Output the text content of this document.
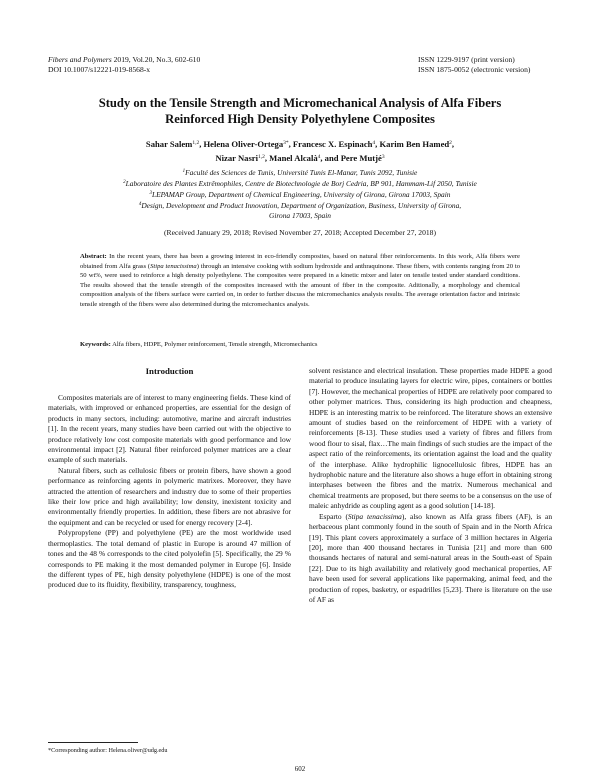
Fibers and Polymers 2019, Vol.20, No.3, 602-610
DOI 10.1007/s12221-019-8568-x
ISSN 1229-9197 (print version)
ISSN 1875-0052 (electronic version)
Study on the Tensile Strength and Micromechanical Analysis of Alfa Fibers
Reinforced High Density Polyethylene Composites
Sahar Salem$^{1,2}$, Helena Oliver-Ortega$^{3*}$, Francesc X. Espinach$^4$, Karim Ben Hamed$^2$,
Nizar Nasri$^{1,2}$, Manel Alcalà$^4$, and Pere Mutjé$^3$
$^1$Faculté des Sciences de Tunis, Université Tunis El-Manar, Tunis 2092, Tunisie
$^2$Laboratoire des Plantes Extrêmophiles, Centre de Biotechnologie de Borj Cedria, BP 901, Hammam-Lif 2050, Tunisie
$^3$LEPAMAP Group, Department of Chemical Engineering, University of Girona, Girona 17003, Spain
$^4$Design, Development and Product Innovation, Department of Organization, Business, University of Girona,
Girona 17003, Spain
(Received January 29, 2018; Revised November 27, 2018; Accepted December 27, 2018)
Abstract: In the recent years, there has been a growing interest in eco-friendly composites, based on natural fiber reinforcements. In this work, Alfa fibers were obtained from Alfa grass (Stipa tenacissima) through an intensive cooking with sodium hydroxide and anthraquinone. These fibers, with contents ranging from 20 to 50 wt%, were used to reinforce a high density polyethylene. The composites were prepared in a kinetic mixer and later on tensile tested under standard conditions. The results showed that the tensile strength of the composites increased with the amount of fiber in the composite. Aditionally, a morphology and chemical composition analysis of the fibers surface were carried on, in order to further discuss the micromechanics analysis results. The average orientation factor and intrinsic tensile strength of the fibers were also determined during the micromechanics analysis.
Keywords: Alfa fibers, HDPE, Polymer reinforcement, Tensile strength, Micromechanics
Introduction

Composites materials are of interest to many engineering fields. These kind of materials, with improved or enhanced properties, are essential for the design of products in many sectors, including: automotive, marine and aircraft industries [1]. In the recent years, many studies have been carried out with the objective to produce relatively low cost composite materials with good performance and low environmental impact [2]. Natural fiber reinforced polymer matrices are a clear example of such materials.

Natural fibers, such as cellulosic fibers or protein fibers, have shown a good performance as reinforcing agents in polymeric matrixes. Moreover, they have attracted the attention of researchers and industry due to some of their properties like their low price and high availability; low density, inexistent toxicity and environmentally friendly properties. In addition, these fibers are not abrasive for the equipment and can be recycled or used for energy recovery [2-4].

Polypropylene (PP) and polyethylene (PE) are the most worldwide used thermoplastics. The total demand of plastic in Europe is around 47 million of tones and the 48 % corresponds to the cited polyolefin [5]. Specifically, the 29 % corresponds to PE making it the most demanded polymer in Europe [6]. Inside the different types of PE, high density polyethylene (HDPE) is one of the most produced due to its fluidity, flexibility, transparency, toughness,

solvent resistance and electrical insulation. These properties made HDPE a good material to produce insulating layers for electric wire, pipes, containers or bottles [7]. However, the mechanical properties of HDPE are relatively poor compared to other polymer matrices. Thus, considering its high production and cheapness, HDPE is an interesting matrix to be reinforced. The literature shows an extensive amount of studies based on the reinforcement of HDPE with a variety of reinforcements [8-13]. These studies used a variety of fibres and fillers from wood flour to sisal, flax…The main findings of such studies are the impact of the aspect ratio of the reinforcements, its orientation against the load and the quality of the interphase. Alike hydrophilic lignocellulosic fibres, HDPE has an hydrophobic nature and the literature also shows a huge effort in obtaining strong interphases between the fibres and the matrix. Numerous mechanical and chemical treatments are proposed, but there seems to be a consensus on the use of maleic anhydride as coupling agent as a good solution [14-18].

Esparto (Stipa tenacissima), also known as Alfa grass fibers (AF), is an herbaceous plant commonly found in the south of Spain and in the North Africa [19]. This plant covers approximately a surface of 3 million hectares in Algeria [20], more than 400 thousand hectares in Tunisia [21] and more than 600 thousands hectares of natural and semi-natural areas in the South-east of Spain [22]. Due to its high availability and relatively good mechanical properties, AF have been used for several applications like papermaking, animal feed, and the production of ropes, basketry, or espadrilles [5,23]. There is literature on the use of AF as

*Corresponding author: Helena.oliver@udg.edu
602
